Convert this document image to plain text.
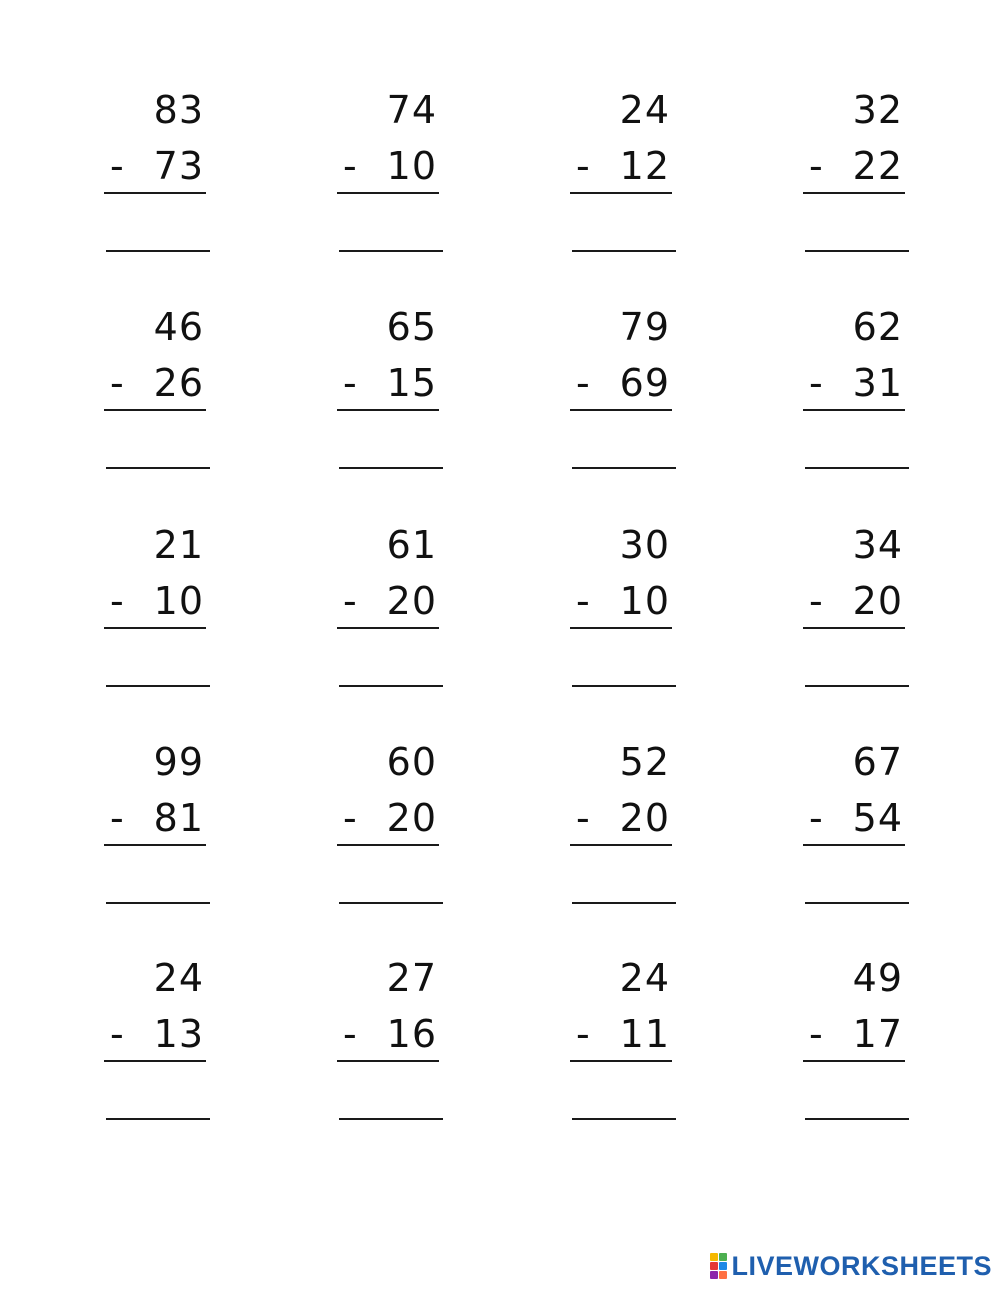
83
- 73
74
- 10
24
- 12
32
- 22
46
- 26
65
- 15
79
- 69
62
- 31
21
- 10
61
- 20
30
- 10
34
- 20
99
- 81
60
- 20
52
- 20
67
- 54
24
- 13
27
- 16
24
- 11
49
- 17
LIVEWORKSHEETS
